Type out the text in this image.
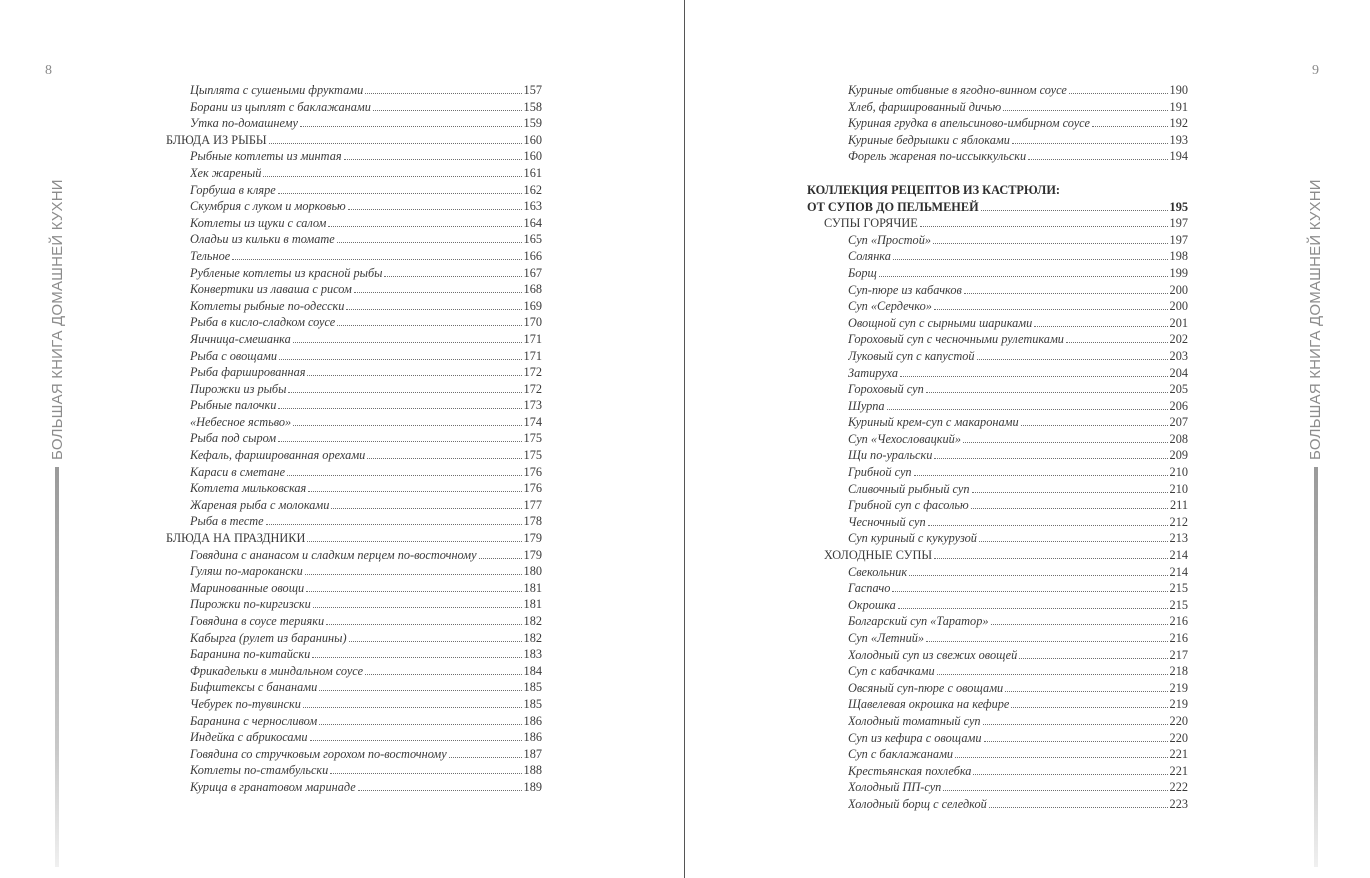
8
БОЛЬШАЯ КНИГА ДОМАШНЕЙ КУХНИ
Цыплята с сушеными фруктами	157
Борани из цыплят с баклажанами	158
Утка по-домашнему	159
БЛЮДА ИЗ РЫБЫ	160
Рыбные котлеты из минтая	160
Хек жареный	161
Горбуша в кляре	162
Скумбрия с луком и морковью	163
Котлеты из щуки с салом	164
Оладьи из кильки в томате	165
Тельное	166
Рубленые котлеты из красной рыбы	167
Конвертики из лаваша с рисом	168
Котлеты рыбные по-одесски	169
Рыба в кисло-сладком соусе	170
Яичница-смешанка	171
Рыба с овощами	171
Рыба фаршированная	172
Пирожки из рыбы	172
Рыбные палочки	173
«Небесное ястьво»	174
Рыба под сыром	175
Кефаль, фаршированная орехами	175
Караси в сметане	176
Котлета мильковская	176
Жареная рыба с молоками	177
Рыба в тесте	178
БЛЮДА НА ПРАЗДНИКИ	179
Говядина с ананасом и сладким перцем по-восточному	179
Гуляш по-марокански	180
Маринованные овощи	181
Пирожки по-киргизски	181
Говядина в соусе терияки	182
Кабырга (рулет из баранины)	182
Баранина по-китайски	183
Фрикадельки в миндальном соусе	184
Бифштексы с бананами	185
Чебурек по-тувински	185
Баранина с черносливом	186
Индейка с абрикосами	186
Говядина со стручковым горохом по-восточному	187
Котлеты по-стамбульски	188
Курица в гранатовом маринаде	189
9
БОЛЬШАЯ КНИГА ДОМАШНЕЙ КУХНИ
Куриные отбивные в ягодно-винном соусе	190
Хлеб, фаршированный дичью	191
Куриная грудка в апельсиново-имбирном соусе	192
Куриные бедрышки с яблоками	193
Форель жареная по-иссыккульски	194
КОЛЛЕКЦИЯ РЕЦЕПТОВ ИЗ КАСТРЮЛИ:
ОТ СУПОВ ДО ПЕЛЬМЕНЕЙ	195
СУПЫ ГОРЯЧИЕ	197
Суп «Простой»	197
Солянка	198
Борщ	199
Суп-пюре из кабачков	200
Суп «Сердечко»	200
Овощной суп с сырными шариками	201
Гороховый суп с чесночными рулетиками	202
Луковый суп с капустой	203
Затируха	204
Гороховый суп	205
Шурпа	206
Куриный крем-суп с макаронами	207
Суп «Чехословацкий»	208
Щи по-уральски	209
Грибной суп	210
Сливочный рыбный суп	210
Грибной суп с фасолью	211
Чесночный суп	212
Суп куриный с кукурузой	213
ХОЛОДНЫЕ СУПЫ	214
Свекольник	214
Гаспачо	215
Окрошка	215
Болгарский суп «Таратор»	216
Суп «Летний»	216
Холодный суп из свежих овощей	217
Суп с кабачками	218
Овсяный суп-пюре с овощами	219
Щавелевая окрошка на кефире	219
Холодный томатный суп	220
Суп из кефира с овощами	220
Суп с баклажанами	221
Крестьянская похлебка	221
Холодный ПП-суп	222
Холодный борщ с селедкой	223
